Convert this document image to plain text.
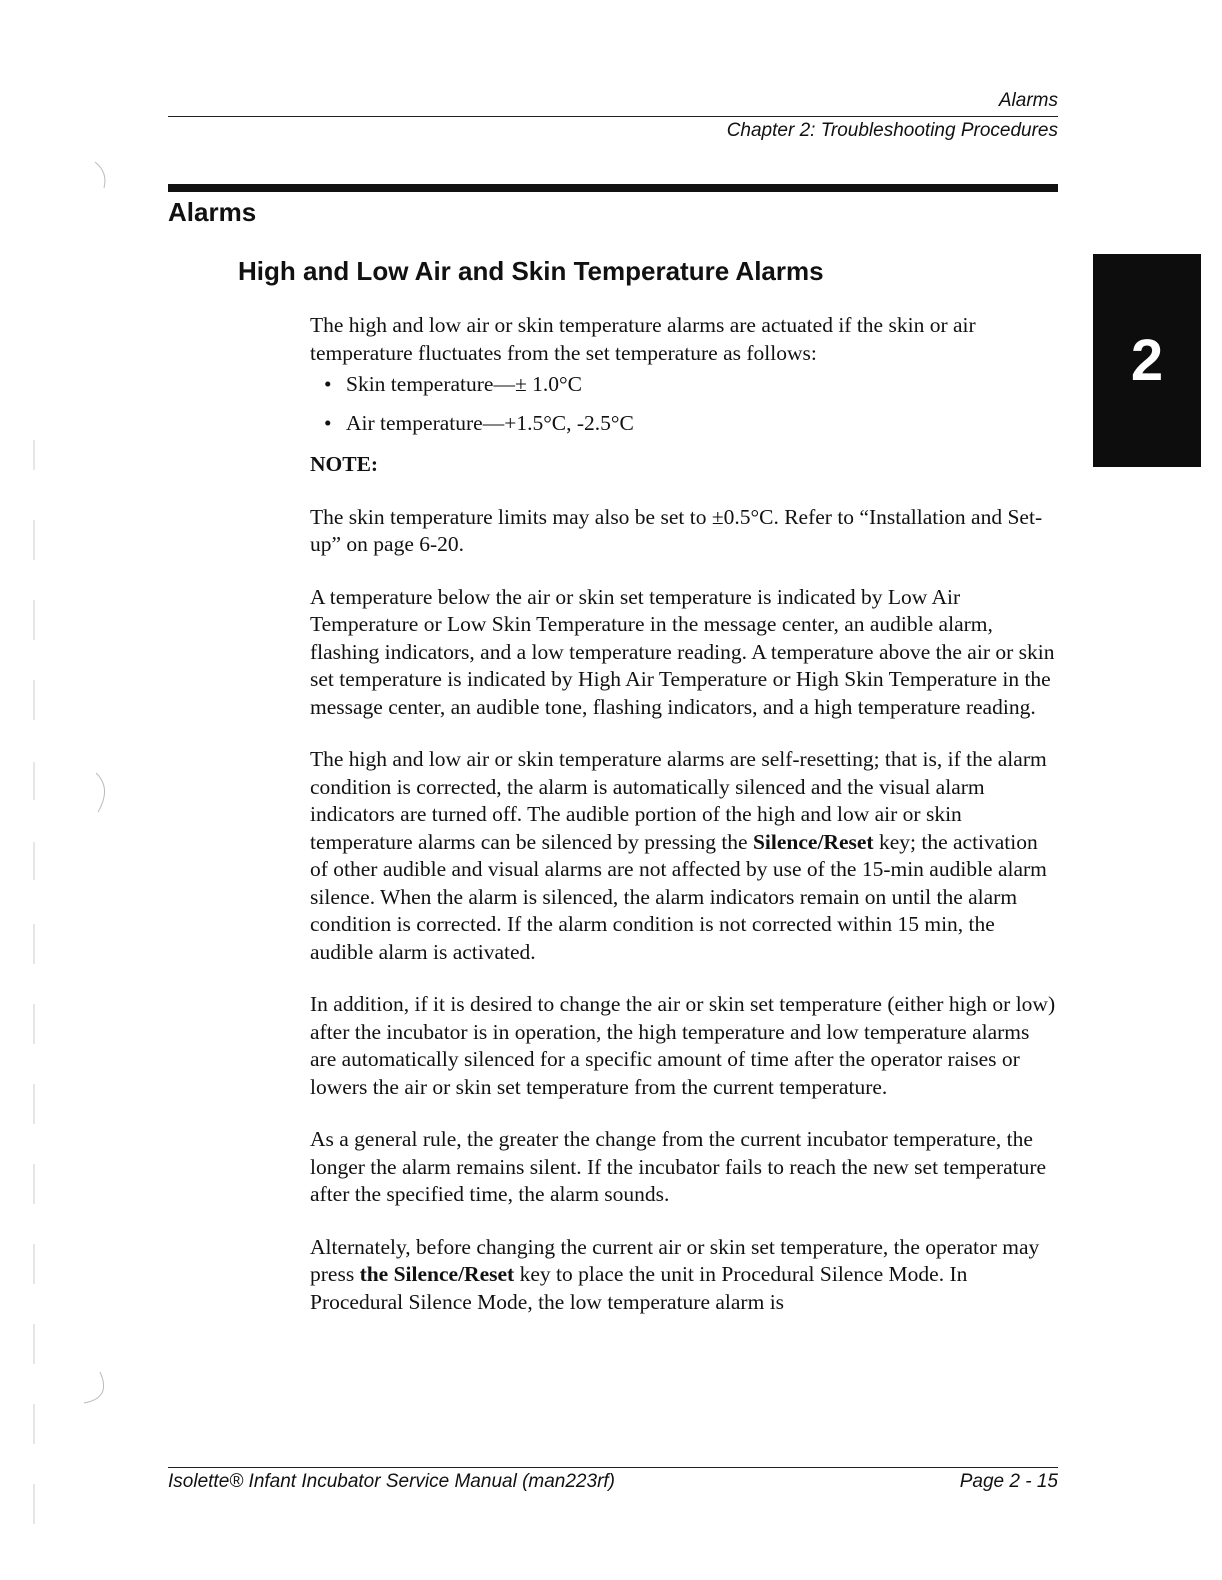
Alarms
Chapter 2: Troubleshooting Procedures
Alarms
High and Low Air and Skin Temperature Alarms
2

The high and low air or skin temperature alarms are actuated if the skin or air temperature fluctuates from the set temperature as follows:

• Skin temperature—± 1.0°C
• Air temperature—+1.5°C, -2.5°C

NOTE:

The skin temperature limits may also be set to ±0.5°C. Refer to “Installation and Set-up” on page 6-20.

A temperature below the air or skin set temperature is indicated by Low Air Temperature or Low Skin Temperature in the message center, an audible alarm, flashing indicators, and a low temperature reading. A temperature above the air or skin set temperature is indicated by High Air Temperature or High Skin Temperature in the message center, an audible tone, flashing indicators, and a high temperature reading.

The high and low air or skin temperature alarms are self-resetting; that is, if the alarm condition is corrected, the alarm is automatically silenced and the visual alarm indicators are turned off. The audible portion of the high and low air or skin temperature alarms can be silenced by pressing the Silence/Reset key; the activation of other audible and visual alarms are not affected by use of the 15-min audible alarm silence. When the alarm is silenced, the alarm indicators remain on until the alarm condition is corrected. If the alarm condition is not corrected within 15 min, the audible alarm is activated.

In addition, if it is desired to change the air or skin set temperature (either high or low) after the incubator is in operation, the high temperature and low temperature alarms are automatically silenced for a specific amount of time after the operator raises or lowers the air or skin set temperature from the current temperature.

As a general rule, the greater the change from the current incubator temperature, the longer the alarm remains silent. If the incubator fails to reach the new set temperature after the specified time, the alarm sounds.

Alternately, before changing the current air or skin set temperature, the operator may press the Silence/Reset key to place the unit in Procedural Silence Mode. In Procedural Silence Mode, the low temperature alarm is

Isolette® Infant Incubator Service Manual (man223rf)	Page 2 - 15
